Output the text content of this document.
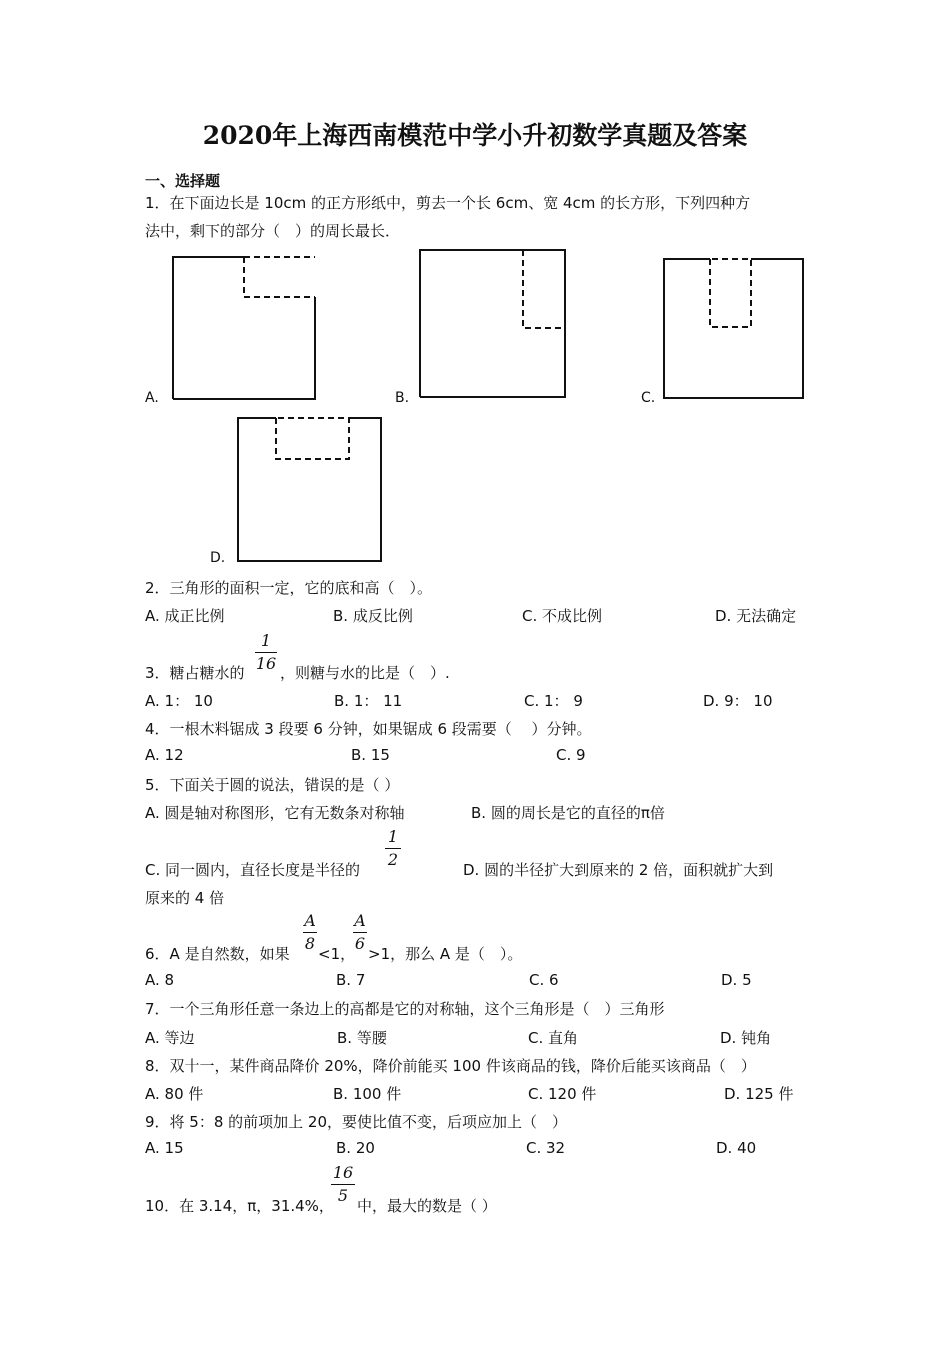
2020年上海西南模范中学小升初数学真题及答案
一、选择题
1．在下面边长是 10cm 的正方形纸中，剪去一个长 6cm、宽 4cm 的长方形，下列四种方
法中，剩下的部分（　）的周长最长．
A.	B.	C.
D.
2．三角形的面积一定，它的底和高（　）。
A. 成正比例	B. 成反比例	C. 不成比例	D. 无法确定
3．糖占糖水的
1
16 ，则糖与水的比是（　）.
A. 1： 10	B. 1： 11	C. 1： 9	D. 9： 10
4．一根木料锯成 3 段要 6 分钟，如果锯成 6 段需要（　 ）分钟。
A. 12	B. 15	C. 9
5．下面关于圆的说法，错误的是（ ）
A. 圆是轴对称图形，它有无数条对称轴	B. 圆的周长是它的直径的π倍
C. 同一圆内，直径长度是半径的
1
2
D. 圆的半径扩大到原来的 2 倍，面积就扩大到
原来的 4 倍
6．A 是自然数，如果
A
8
<1，
A
6
>1，那么 A 是（　）。
A. 8	B. 7	C. 6	D. 5
7．一个三角形任意一条边上的高都是它的对称轴，这个三角形是（　）三角形
A. 等边	B. 等腰	C. 直角	D. 钝角
8．双十一，某件商品降价 20%，降价前能买 100 件该商品的钱，降价后能买该商品（　）
A. 80 件	B. 100 件	C. 120 件	D. 125 件
9．将 5：8 的前项加上 20，要使比值不变，后项应加上（　）
A. 15	B. 20	C. 32	D. 40
10．在 3.14，π，31.4%，
16
5
中，最大的数是（ ）
